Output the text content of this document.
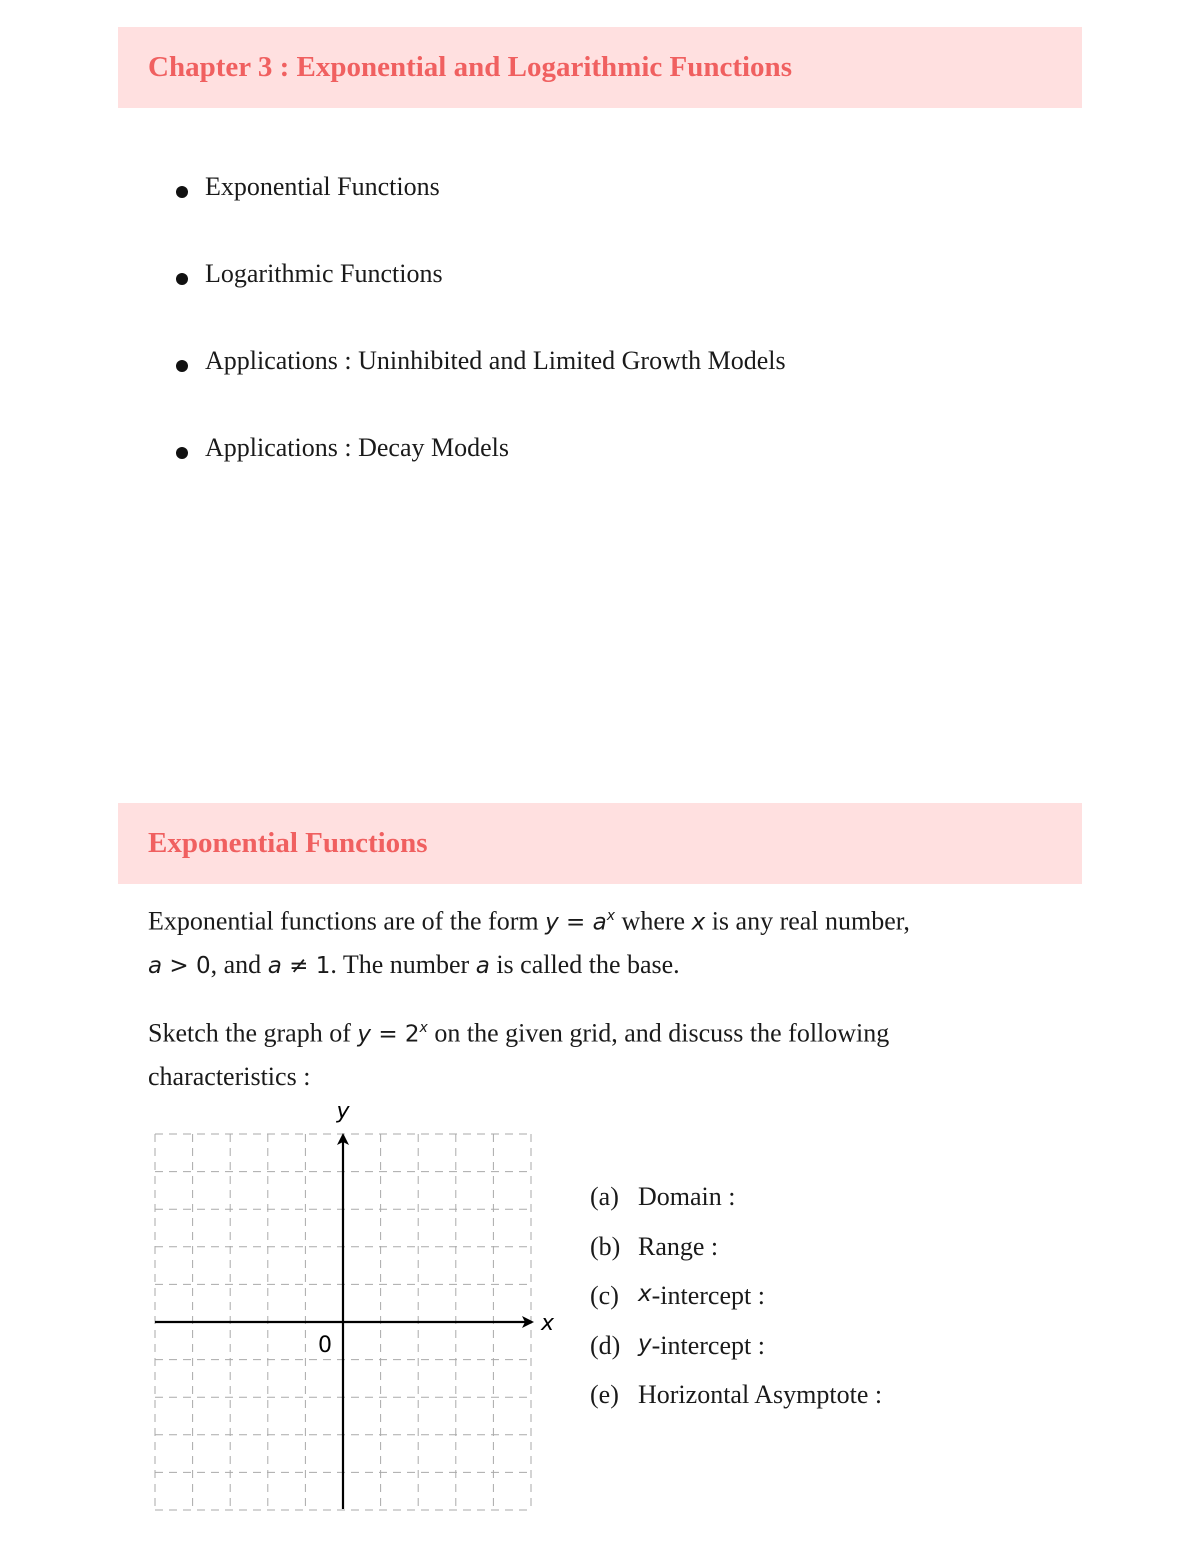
Chapter 3 : Exponential and Logarithmic Functions
Exponential Functions
Logarithmic Functions
Applications : Uninhibited and Limited Growth Models
Applications : Decay Models
Exponential Functions
Exponential functions are of the form $y = a^x$ where x is any real number,
a > 0, and a ≠ 1. The number a is called the base.
Sketch the graph of $y = 2^x$ on the given grid, and discuss the following
characteristics :
y
x
0
(a) Domain :
(b) Range :
(c) x -intercept :
(d) y -intercept :
(e) Horizontal Asymptote :
